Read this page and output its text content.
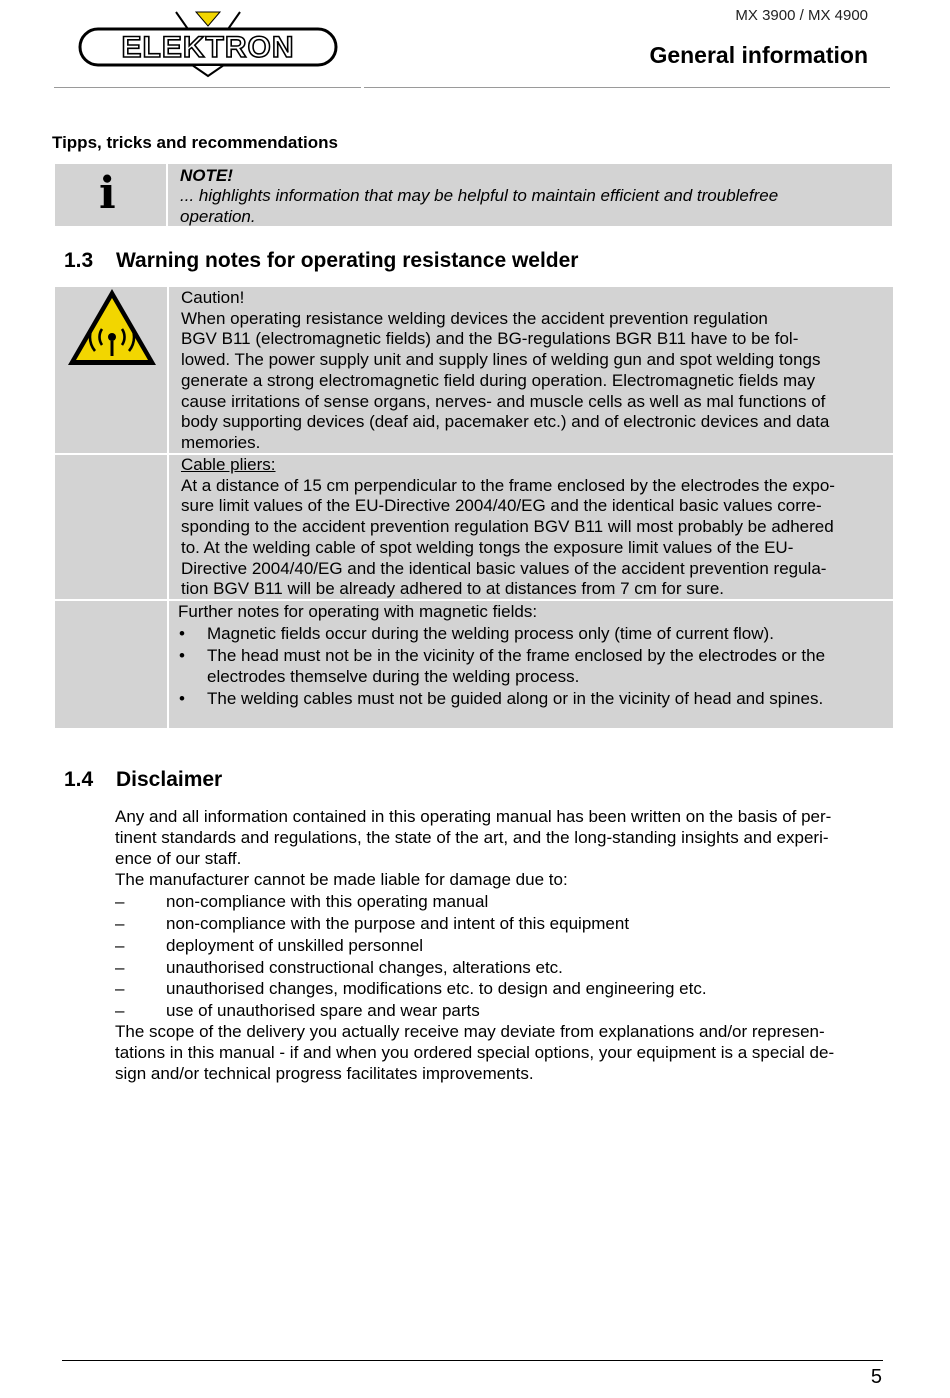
ELEKTRON
MX 3900 / MX 4900
General information
Tipps, tricks and recommendations
i	NOTE!
... highlights information that may be helpful to maintain efficient and troublefree
operation.
1.3 Warning notes for operating resistance welder
Caution!
When operating resistance welding devices the accident prevention regulation
BGV B11 (electromagnetic fields) and the BG-regulations BGR B11 have to be fol-
lowed. The power supply unit and supply lines of welding gun and spot welding tongs
generate a strong electromagnetic field during operation. Electromagnetic fields may
cause irritations of sense organs, nerves- and muscle cells as well as mal functions of
body supporting devices (deaf aid, pacemaker etc.) and of electronic devices and data
memories.
Cable pliers:
At a distance of 15 cm perpendicular to the frame enclosed by the electrodes the expo-
sure limit values of the EU-Directive 2004/40/EG and the identical basic values corre-
sponding to the accident prevention regulation BGV B11 will most probably be adhered
to. At the welding cable of spot welding tongs the exposure limit values of the EU-
Directive 2004/40/EG and the identical basic values of the accident prevention regula-
tion BGV B11 will be already adhered to at distances from 7 cm for sure.
Further notes for operating with magnetic fields:
• Magnetic fields occur during the welding process only (time of current flow).
• The head must not be in the vicinity of the frame enclosed by the electrodes or the
electrodes themselve during the welding process.
• The welding cables must not be guided along or in the vicinity of head and spines.
1.4 Disclaimer
Any and all information contained in this operating manual has been written on the basis of per-
tinent standards and regulations, the state of the art, and the long-standing insights and experi-
ence of our staff.
The manufacturer cannot be made liable for damage due to:
– non-compliance with this operating manual
– non-compliance with the purpose and intent of this equipment
– deployment of unskilled personnel
– unauthorised constructional changes, alterations etc.
– unauthorised changes, modifications etc. to design and engineering etc.
– use of unauthorised spare and wear parts
The scope of the delivery you actually receive may deviate from explanations and/or represen-
tations in this manual - if and when you ordered special options, your equipment is a special de-
sign and/or technical progress facilitates improvements.
5
